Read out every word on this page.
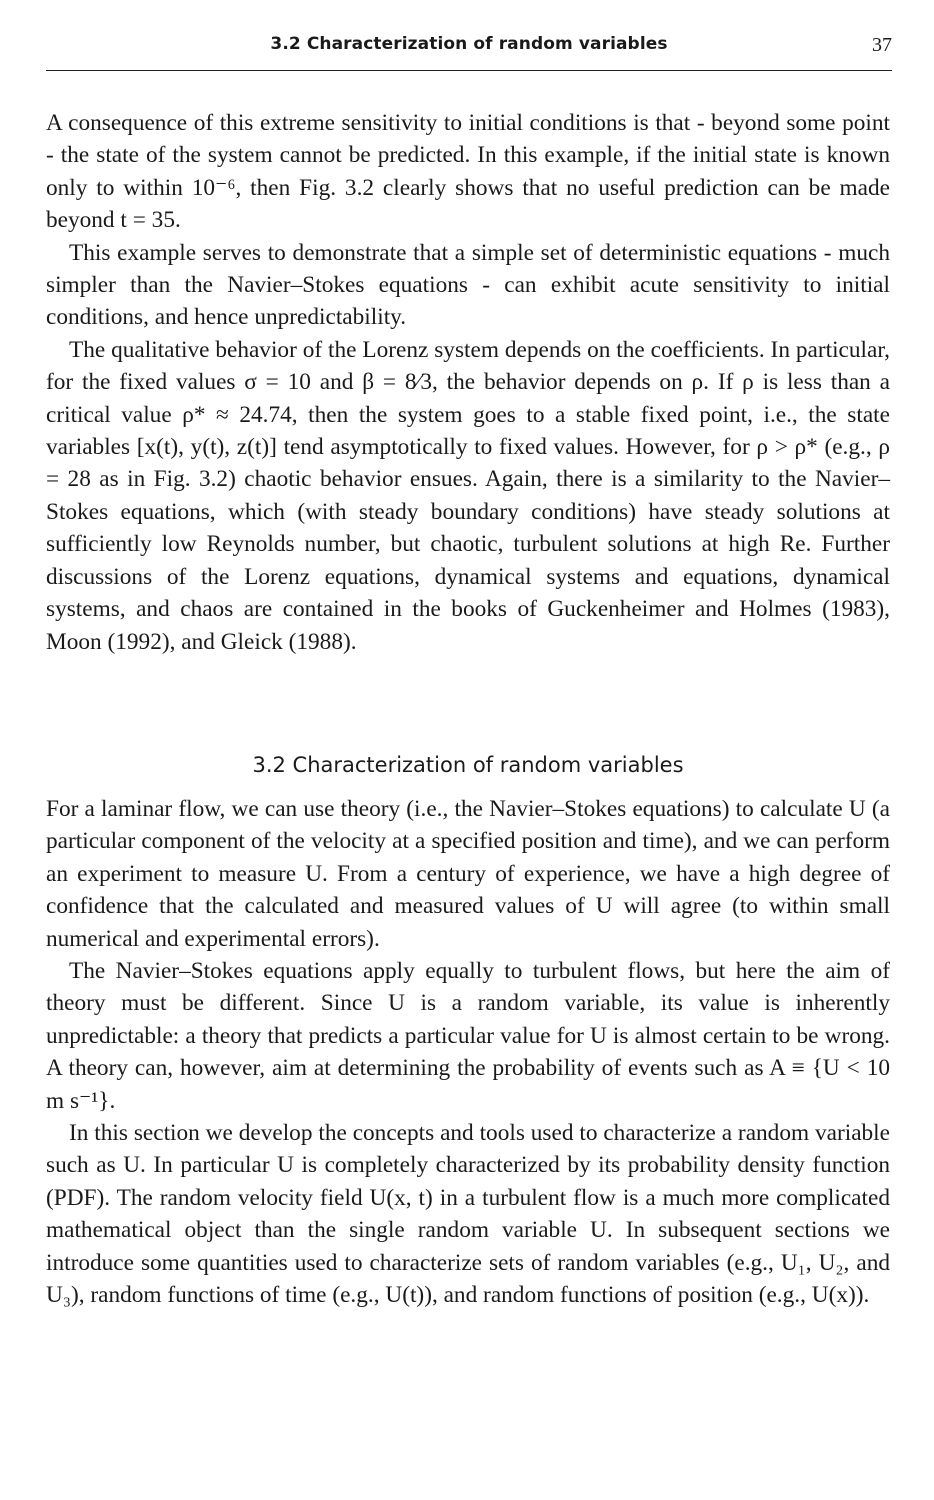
3.2 Characterization of random variables	37

A consequence of this extreme sensitivity to initial conditions is that - beyond some point - the state of the system cannot be predicted. In this example, if the initial state is known only to within 10⁻⁶, then Fig. 3.2 clearly shows that no useful prediction can be made beyond t = 35.

This example serves to demonstrate that a simple set of deterministic equations - much simpler than the Navier–Stokes equations - can exhibit acute sensitivity to initial conditions, and hence unpredictability.

The qualitative behavior of the Lorenz system depends on the coefficients. In particular, for the fixed values σ = 10 and β = 8⁄3, the behavior depends on ρ. If ρ is less than a critical value ρ* ≈ 24.74, then the system goes to a stable fixed point, i.e., the state variables [x(t), y(t), z(t)] tend asymptotically to fixed values. However, for ρ > ρ* (e.g., ρ = 28 as in Fig. 3.2) chaotic behavior ensues. Again, there is a similarity to the Navier–Stokes equations, which (with steady boundary conditions) have steady solutions at sufficiently low Reynolds number, but chaotic, turbulent solutions at high Re. Further discussions of the Lorenz equations, dynamical systems and equations, dynamical systems, and chaos are contained in the books of Guckenheimer and Holmes (1983), Moon (1992), and Gleick (1988).

3.2 Characterization of random variables

For a laminar flow, we can use theory (i.e., the Navier–Stokes equations) to calculate U (a particular component of the velocity at a specified position and time), and we can perform an experiment to measure U. From a century of experience, we have a high degree of confidence that the calculated and measured values of U will agree (to within small numerical and experimental errors).

The Navier–Stokes equations apply equally to turbulent flows, but here the aim of theory must be different. Since U is a random variable, its value is inherently unpredictable: a theory that predicts a particular value for U is almost certain to be wrong. A theory can, however, aim at determining the probability of events such as A ≡ {U < 10 m s⁻¹}.

In this section we develop the concepts and tools used to characterize a random variable such as U. In particular U is completely characterized by its probability density function (PDF). The random velocity field U(x, t) in a turbulent flow is a much more complicated mathematical object than the single random variable U. In subsequent sections we introduce some quantities used to characterize sets of random variables (e.g., U₁, U₂, and U₃), random functions of time (e.g., U(t)), and random functions of position (e.g., U(x)).
